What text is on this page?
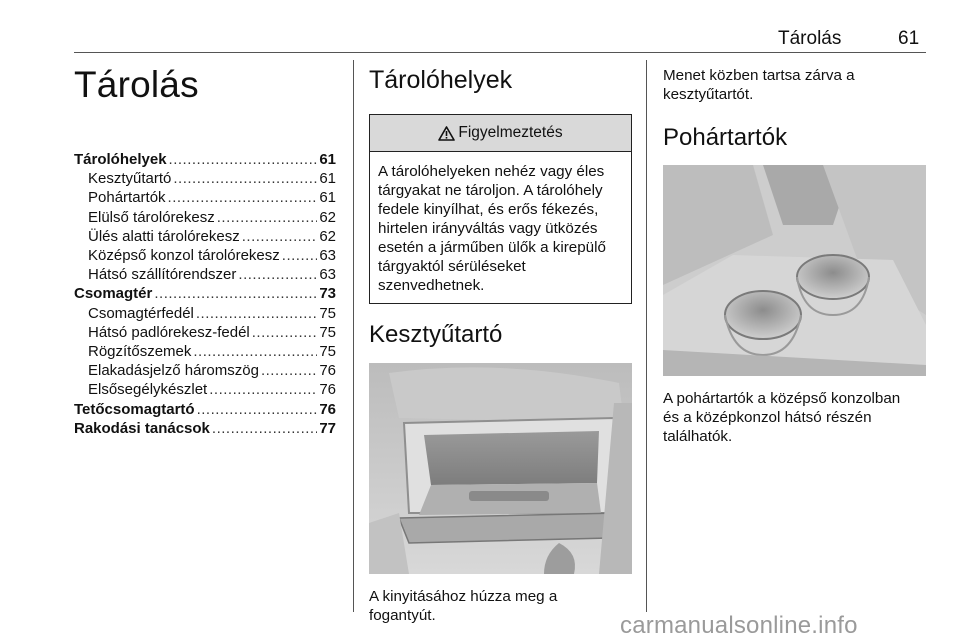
Tárolás	61
Tárolás
Tárolóhelyek .....	61
Kesztyűtartó .....	61
Pohártartók .....	61
Elülső tárolórekesz .....	62
Ülés alatti tárolórekesz .....	62
Középső konzol tárolórekesz .....	63
Hátsó szállítórendszer .....	63
Csomagtér .....	73
Csomagtérfedél .....	75
Hátsó padlórekesz-fedél .....	75
Rögzítőszemek .....	75
Elakadásjelző háromszög .....	76
Elsősegélykészlet .....	76
Tetőcsomagtartó .....	76
Rakodási tanácsok .....	77
Tárolóhelyek
Figyelmeztetés
A tárolóhelyeken nehéz vagy éles
tárgyakat ne tároljon. A tárolóhely
fedele kinyílhat, és erős fékezés,
hirtelen irányváltás vagy ütközés
esetén a járműben ülők a kirepülő
tárgyaktól sérüléseket
szenvedhetnek.
Kesztyűtartó

A kinyitásához húzza meg a
fogantyút.

Menet közben tartsa zárva a
kesztyűtartót.

Pohártartók

A pohártartók a középső konzolban
és a középkonzol hátsó részén
találhatók.

carmanualsonline.info
